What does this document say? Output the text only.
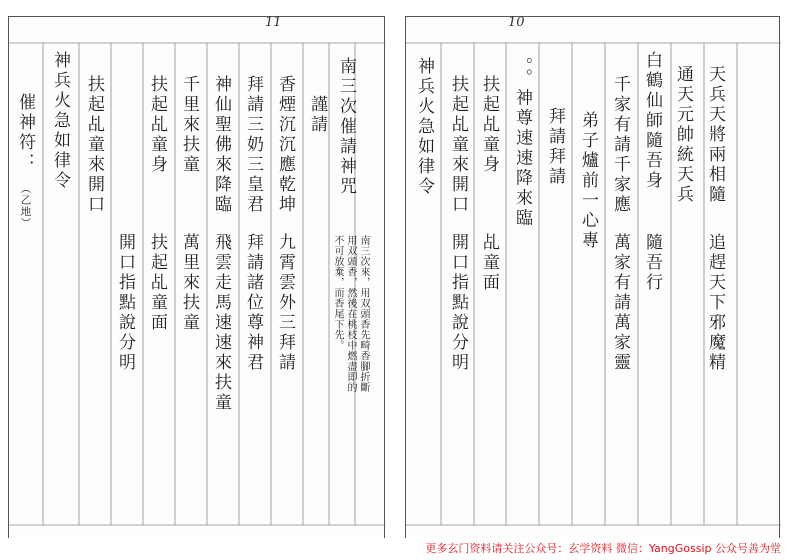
11
南三次催請神咒
謹請
香煙沉沉應乾坤
九霄雲外三拜請
拜請三奶三皇君
拜請諸位尊神君
神仙聖佛來降臨
飛雲走馬速速來扶童
千里來扶童
萬里來扶童
扶起乩童身
扶起乩童面
扶起乩童來開口
開口指點說分明
神兵火急如律令
催神符：
（乙地）
南三次來，用双頭香先畸香腳折斷
用双頭香，然後在桃枝中燃盡即的
不可放棄，而香尾下先。
10
天兵天將兩相隨
追趕天下邪魔精
通天元帥統天兵
白鶴仙師隨吾身
隨吾行
千家有請千家應
萬家有請萬家靈
弟子爐前一心專
拜請拜請
。。神尊速速降來臨
扶起乩童身
乩童面
扶起乩童來開口
開口指點說分明
神兵火急如律令
更多玄门资料请关注公众号：玄学资料 微信：YangGossip 公众号善为堂
